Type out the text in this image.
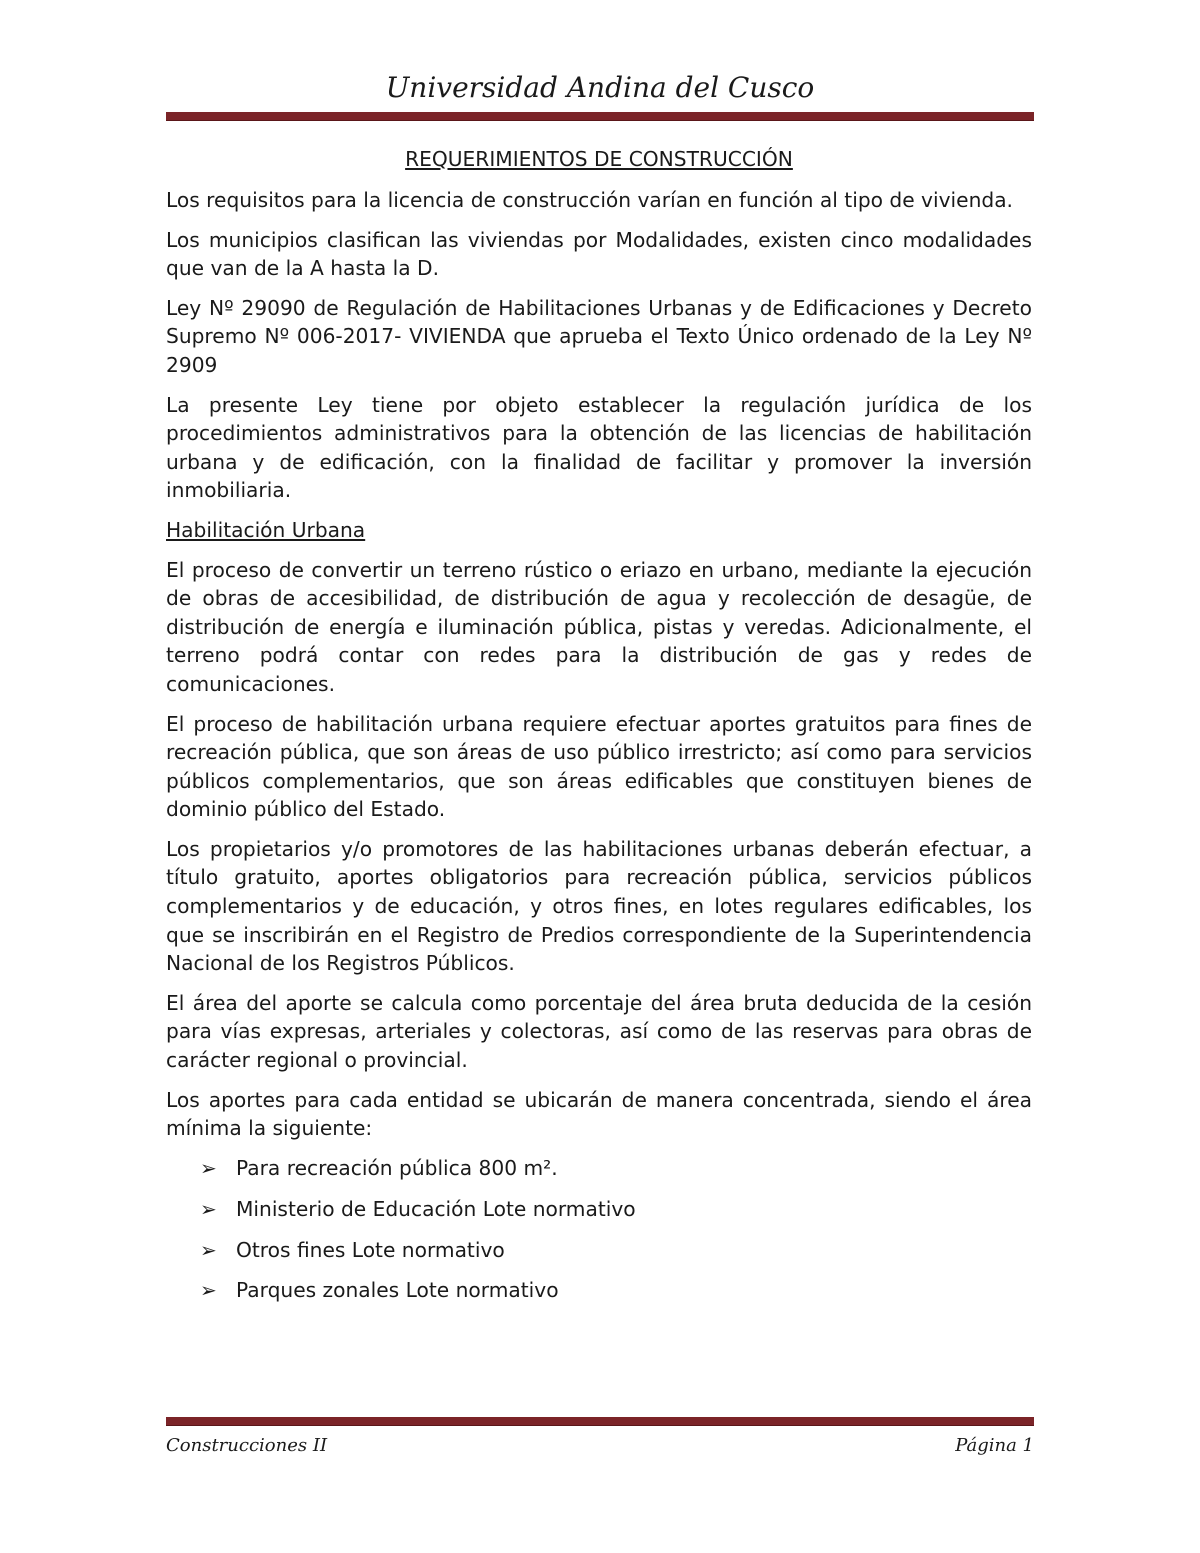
Universidad Andina del Cusco
REQUERIMIENTOS DE CONSTRUCCIÓN

Los requisitos para la licencia de construcción varían en función al tipo de vivienda.

Los municipios clasifican las viviendas por Modalidades, existen cinco modalidades que van de la A hasta la D.

Ley Nº 29090 de Regulación de Habilitaciones Urbanas y de Edificaciones y Decreto Supremo Nº 006-2017- VIVIENDA que aprueba el Texto Único ordenado de la Ley Nº 2909

La presente Ley tiene por objeto establecer la regulación jurídica de los procedimientos administrativos para la obtención de las licencias de habilitación urbana y de edificación, con la finalidad de facilitar y promover la inversión inmobiliaria.

Habilitación Urbana

El proceso de convertir un terreno rústico o eriazo en urbano, mediante la ejecución de obras de accesibilidad, de distribución de agua y recolección de desagüe, de distribución de energía e iluminación pública, pistas y veredas. Adicionalmente, el terreno podrá contar con redes para la distribución de gas y redes de comunicaciones.

El proceso de habilitación urbana requiere efectuar aportes gratuitos para fines de recreación pública, que son áreas de uso público irrestricto; así como para servicios públicos complementarios, que son áreas edificables que constituyen bienes de dominio público del Estado.

Los propietarios y/o promotores de las habilitaciones urbanas deberán efectuar, a título gratuito, aportes obligatorios para recreación pública, servicios públicos complementarios y de educación, y otros fines, en lotes regulares edificables, los que se inscribirán en el Registro de Predios correspondiente de la Superintendencia Nacional de los Registros Públicos.

El área del aporte se calcula como porcentaje del área bruta deducida de la cesión para vías expresas, arteriales y colectoras, así como de las reservas para obras de carácter regional o provincial.

Los aportes para cada entidad se ubicarán de manera concentrada, siendo el área mínima la siguiente:

➢ Para recreación pública 800 m².
➢ Ministerio de Educación Lote normativo
➢ Otros fines Lote normativo
➢ Parques zonales Lote normativo
Construcciones II	Página 1
